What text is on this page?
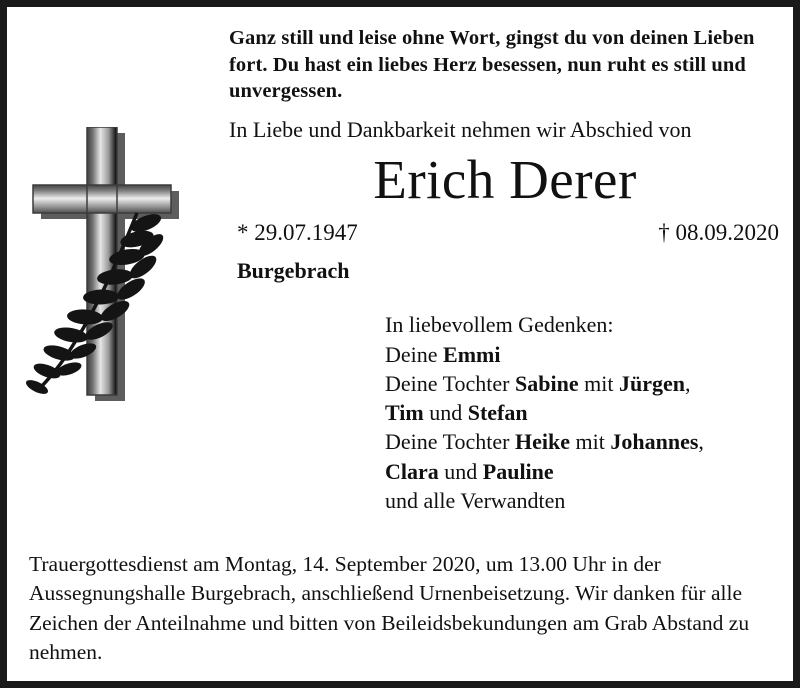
Ganz still und leise ohne Wort, gingst du von deinen Lieben fort. Du hast ein liebes Herz besessen, nun ruht es still und unvergessen.

In Liebe und Dankbarkeit nehmen wir Abschied von

Erich Derer
* 29.07.1947	† 08.09.2020
Burgebrach
In liebevollem Gedenken:
Deine Emmi
Deine Tochter Sabine mit Jürgen,
Tim und Stefan
Deine Tochter Heike mit Johannes,
Clara und Pauline
und alle Verwandten

Trauergottesdienst am Montag, 14. September 2020, um 13.00 Uhr in der Aussegnungshalle Burgebrach, anschließend Urnenbeisetzung. Wir danken für alle Zeichen der Anteilnahme und bitten von Beileidsbekundungen am Grab Abstand zu nehmen.
